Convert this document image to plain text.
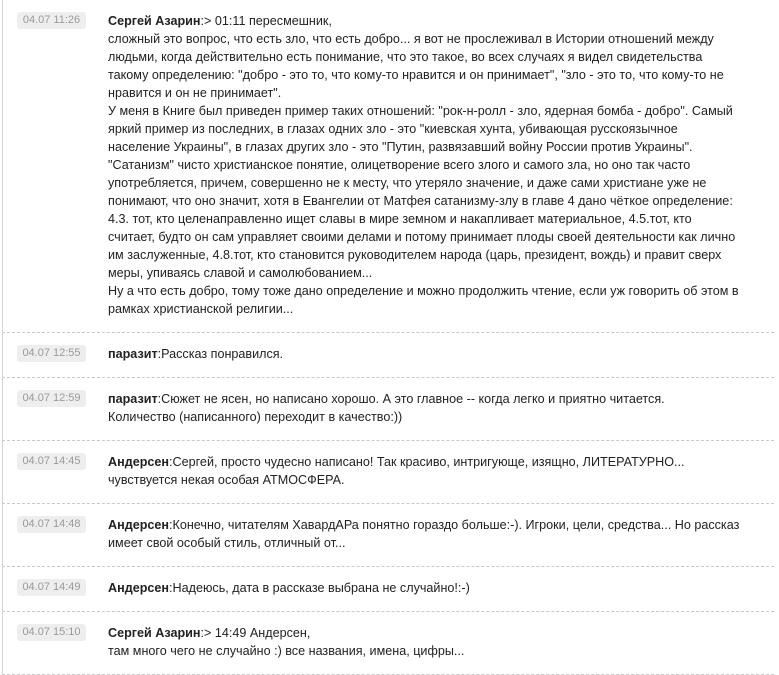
04.07 11:26	Сергей Азарин:> 01:11 пересмешник,
сложный это вопрос, что есть зло, что есть добро... я вот не прослеживал в Истории отношений между
людьми, когда действительно есть понимание, что это такое, во всех случаях я видел свидетельства
такому определению: "добро - это то, что кому-то нравится и он принимает", "зло - это то, что кому-то не
нравится и он не принимает".
У меня в Книге был приведен пример таких отношений: "рок-н-ролл - зло, ядерная бомба - добро". Самый
яркий пример из последних, в глазах одних зло - это "киевская хунта, убивающая русскоязычное
население Украины", в глазах других зло - это "Путин, развязавший войну России против Украины".
"Сатанизм" чисто христианское понятие, олицетворение всего злого и самого зла, но оно так часто
употребляется, причем, совершенно не к месту, что утеряло значение, и даже сами христиане уже не
понимают, что оно значит, хотя в Евангелии от Матфея сатанизму-злу в главе 4 дано чёткое определение:
4.3. тот, кто целенаправленно ищет славы в мире земном и накапливает материальное, 4.5.тот, кто
считает, будто он сам управляет своими делами и потому принимает плоды своей деятельности как лично
им заслуженные, 4.8.тот, кто становится руководителем народа (царь, президент, вождь) и правит сверх
меры, упиваясь славой и самолюбованием...
Ну а что есть добро, тому тоже дано определение и можно продолжить чтение, если уж говорить об этом в
рамках христианской религии...

04.07 12:55	паразит:Рассказ понравился.

04.07 12:59	паразит:Сюжет не ясен, но написано хорошо. А это главное -- когда легко и приятно читается.
Количество (написанного) переходит в качество:))

04.07 14:45	Андерсен:Сергей, просто чудесно написано! Так красиво, интригующе, изящно, ЛИТЕРАТУРНО...
чувствуется некая особая АТМОСФЕРА.

04.07 14:48	Андерсен:Конечно, читателям ХавардАРа понятно гораздо больше:-). Игроки, цели, средства... Но рассказ
имеет свой особый стиль, отличный от...

04.07 14:49	Андерсен:Надеюсь, дата в рассказе выбрана не случайно!:-)

04.07 15:10	Сергей Азарин:> 14:49 Андерсен,
там много чего не случайно :) все названия, имена, цифры...
